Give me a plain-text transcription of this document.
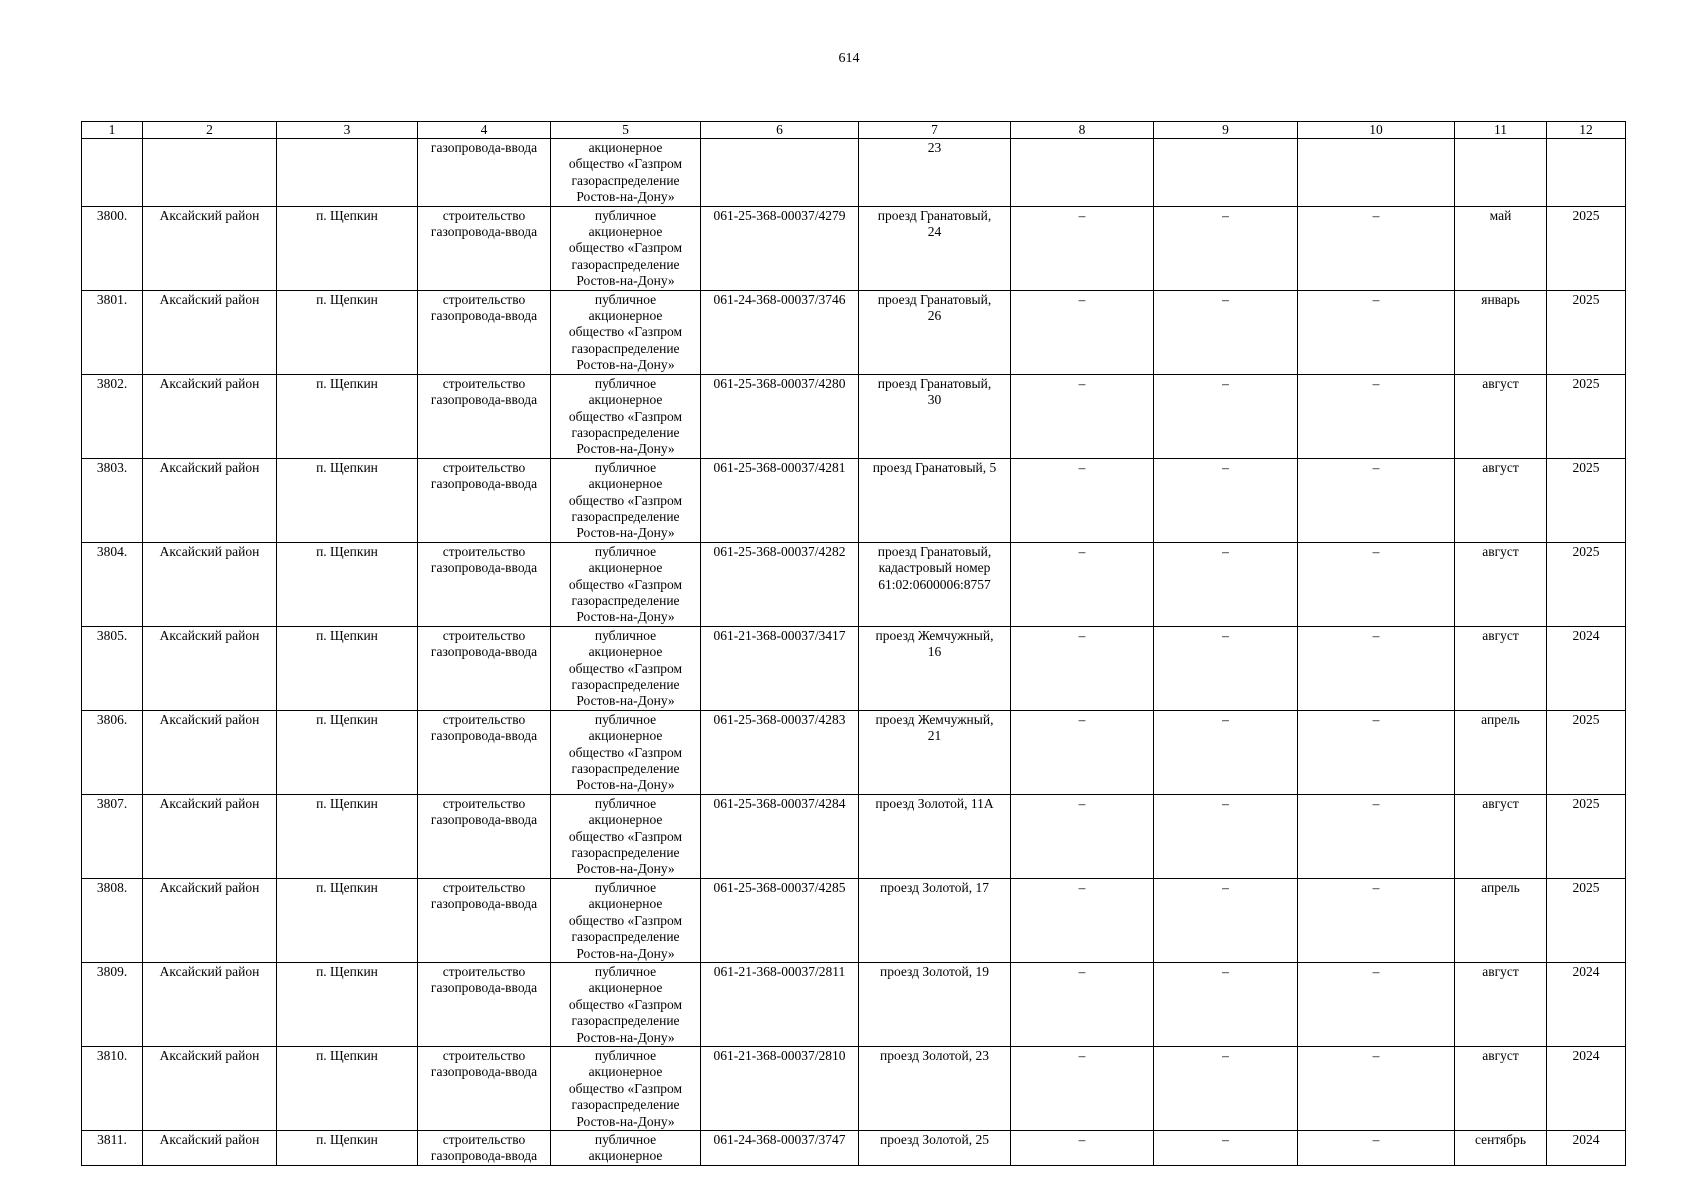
614
1	2	3	4	5	6	7	8	9	10	11	12
			газопровода-ввода	акционерное
общество «Газпром
газораспределение
Ростов-на-Дону»		23					
3800.	Аксайский район	п. Щепкин	строительство
газопровода-ввода	публичное
акционерное
общество «Газпром
газораспределение
Ростов-на-Дону»	061-25-368-00037/4279	проезд Гранатовый,
24	–	–	–	май	2025
3801.	Аксайский район	п. Щепкин	строительство
газопровода-ввода	публичное
акционерное
общество «Газпром
газораспределение
Ростов-на-Дону»	061-24-368-00037/3746	проезд Гранатовый,
26	–	–	–	январь	2025
3802.	Аксайский район	п. Щепкин	строительство
газопровода-ввода	публичное
акционерное
общество «Газпром
газораспределение
Ростов-на-Дону»	061-25-368-00037/4280	проезд Гранатовый,
30	–	–	–	август	2025
3803.	Аксайский район	п. Щепкин	строительство
газопровода-ввода	публичное
акционерное
общество «Газпром
газораспределение
Ростов-на-Дону»	061-25-368-00037/4281	проезд Гранатовый, 5	–	–	–	август	2025
3804.	Аксайский район	п. Щепкин	строительство
газопровода-ввода	публичное
акционерное
общество «Газпром
газораспределение
Ростов-на-Дону»	061-25-368-00037/4282	проезд Гранатовый,
кадастровый номер
61:02:0600006:8757	–	–	–	август	2025
3805.	Аксайский район	п. Щепкин	строительство
газопровода-ввода	публичное
акционерное
общество «Газпром
газораспределение
Ростов-на-Дону»	061-21-368-00037/3417	проезд Жемчужный,
16	–	–	–	август	2024
3806.	Аксайский район	п. Щепкин	строительство
газопровода-ввода	публичное
акционерное
общество «Газпром
газораспределение
Ростов-на-Дону»	061-25-368-00037/4283	проезд Жемчужный,
21	–	–	–	апрель	2025
3807.	Аксайский район	п. Щепкин	строительство
газопровода-ввода	публичное
акционерное
общество «Газпром
газораспределение
Ростов-на-Дону»	061-25-368-00037/4284	проезд Золотой, 11А	–	–	–	август	2025
3808.	Аксайский район	п. Щепкин	строительство
газопровода-ввода	публичное
акционерное
общество «Газпром
газораспределение
Ростов-на-Дону»	061-25-368-00037/4285	проезд Золотой, 17	–	–	–	апрель	2025
3809.	Аксайский район	п. Щепкин	строительство
газопровода-ввода	публичное
акционерное
общество «Газпром
газораспределение
Ростов-на-Дону»	061-21-368-00037/2811	проезд Золотой, 19	–	–	–	август	2024
3810.	Аксайский район	п. Щепкин	строительство
газопровода-ввода	публичное
акционерное
общество «Газпром
газораспределение
Ростов-на-Дону»	061-21-368-00037/2810	проезд Золотой, 23	–	–	–	август	2024
3811.	Аксайский район	п. Щепкин	строительство
газопровода-ввода	публичное
акционерное	061-24-368-00037/3747	проезд Золотой, 25	–	–	–	сентябрь	2024
